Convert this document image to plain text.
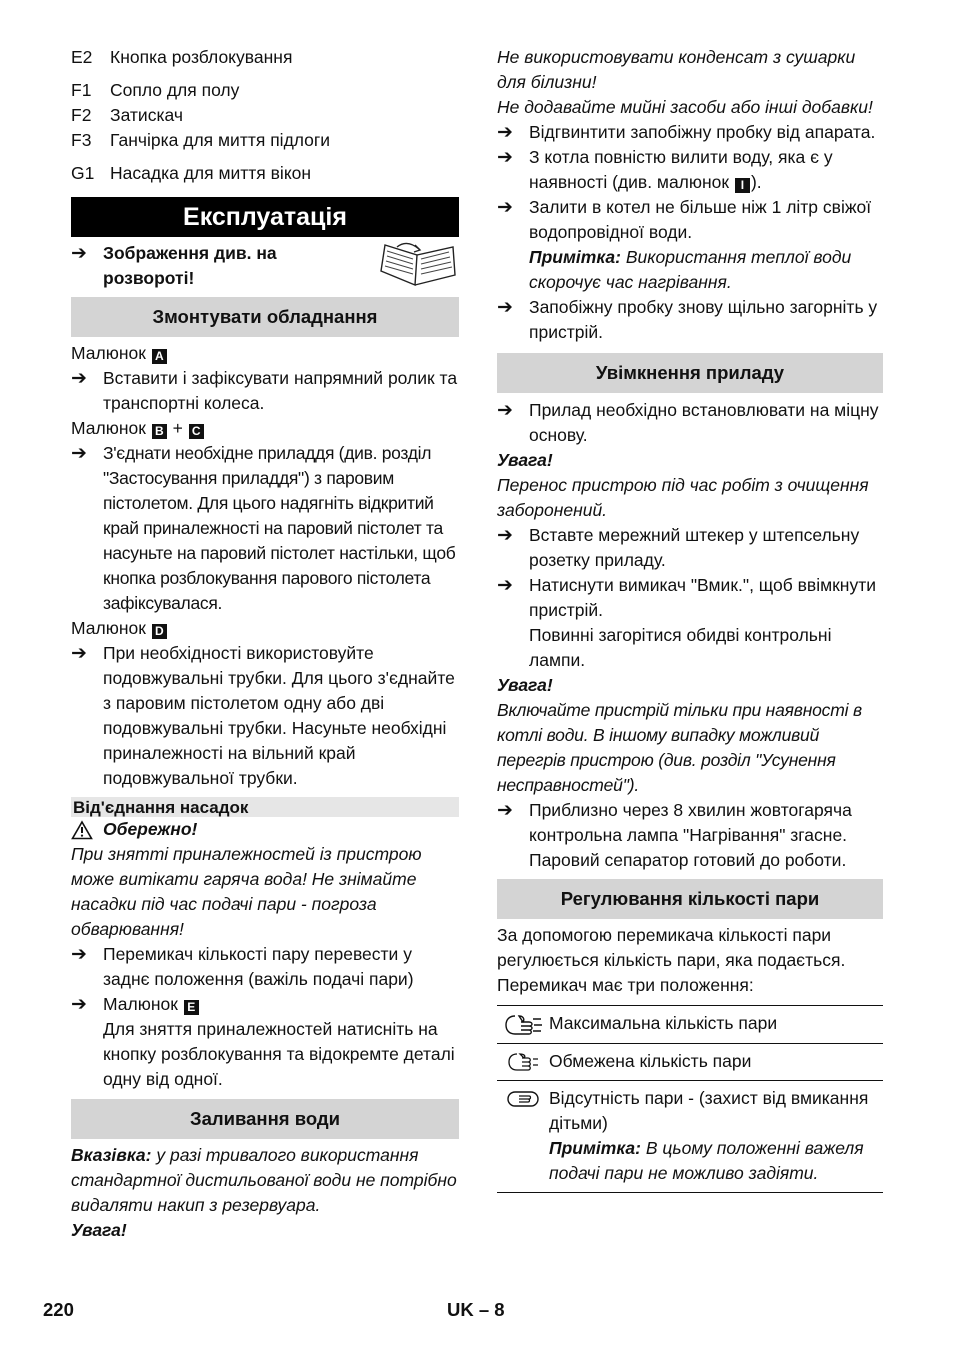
E2	Кнопка розблокування
F1	Сопло для полу
F2	Затискач
F3	Ганчірка для миття підлоги
G1 Насадка для миття вікон
Експлуатація
➔ Зображення див. на розвороті!
Змонтувати обладнання
Малюнок A
➔ Вставити і зафіксувати напрямний ролик та транспортні колеса.
Малюнок B + C
➔ З'єднати необхідне приладдя (див. розділ "Застосування приладдя") з паровим пістолетом. Для цього надягніть відкритий край приналежності на паровий пістолет та насуньте на паровий пістолет настільки, щоб кнопка розблокування парового пістолета зафіксувалася.
Малюнок D
➔ При необхідності використовуйте подовжувальні трубки. Для цього з'єднайте з паровим пістолетом одну або дві подовжувальні трубки. Насуньте необхідні приналежності на вільний край подовжувальної трубки.
Від'єднання насадок
Обережно!
При знятті приналежностей із пристрою може витікати гаряча вода! Не знімайте насадки під час подачі пари - погроза обварювання!
➔ Перемикач кількості пару перевести у заднє положення (важіль подачі пари)
➔ Малюнок E
Для зняття приналежностей натисніть на кнопку розблокування та відокремте деталі одну від одної.
Заливання води
Вказівка: у разі тривалого використання стандартної дистильованої води не потрібно видаляти накип з резервуара.
Увага!
Не використовувати конденсат з сушарки для білизни!
Не додавайте мийні засоби або інші добавки!
➔ Відгвинтити запобіжну пробку від апарата.
➔ З котла повністю вилити воду, яка є у наявності (див. малюнок I ).
➔ Залити в котел не більше ніж 1 літр свіжої водопровідної води.
Примітка: Використання теплої води скорочує час нагрівання.
➔ Запобіжну пробку знову щільно загорніть у пристрій.
Увімкнення приладу
➔ Прилад необхідно встановлювати на міцну основу.
Увага!
Перенос пристрою під час робіт з очищення заборонений.
➔ Вставте мережний штекер у штепсельну розетку приладу.
➔ Натиснути вимикач "Вмик.", щоб ввімкнути пристрій.
Повинні загорітися обидві контрольні лампи.
Увага!
Включайте пристрій тільки при наявності в котлі води. В іншому випадку можливий перегрів пристрою (див. розділ "Усунення несправностей").
➔ Приблизно через 8 хвилин жовтогаряча контрольна лампа "Нагрівання" згасне. Паровий сепаратор готовий до роботи.
Регулювання кількості пари
За допомогою перемикача кількості пари регулюється кількість пари, яка подається. Перемикач має три положення:
Максимальна кількість пари
Обмежена кількість пари
Відсутність пари - (захист від вмикання дітьми)
Примітка: В цьому положенні важеля подачі пари не можливо задіяти.
220	UK – 8
